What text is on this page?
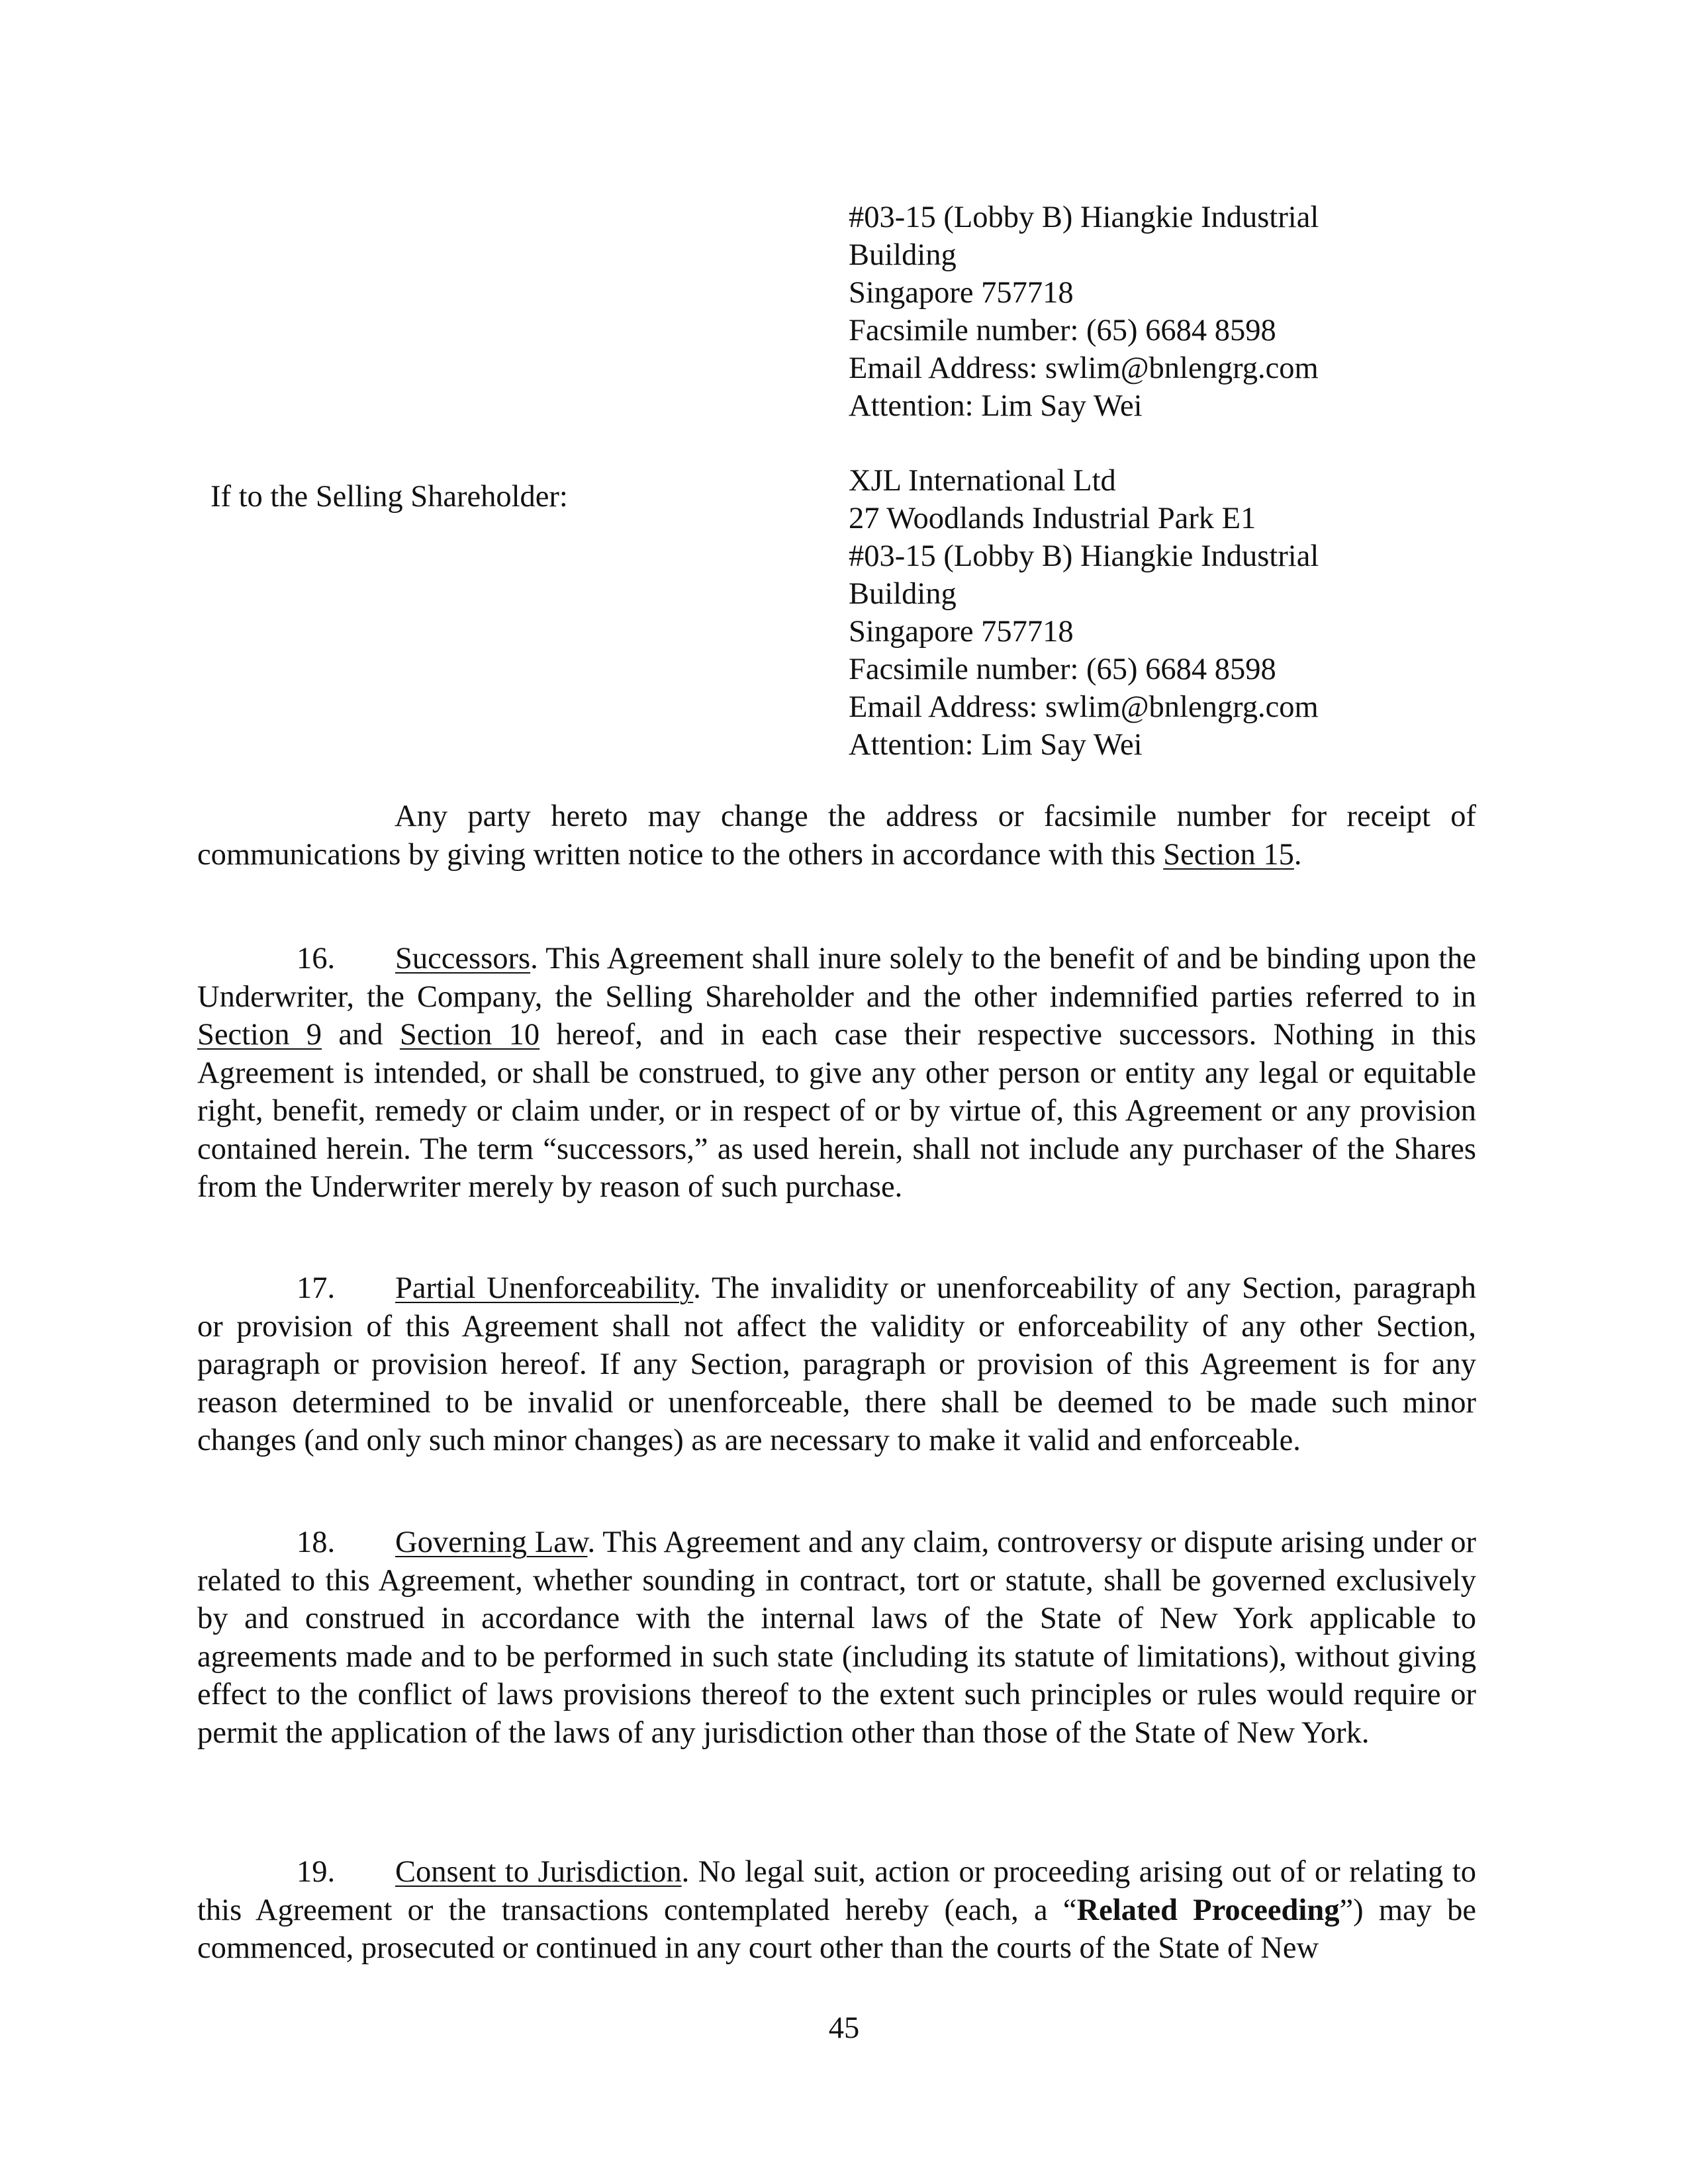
#03-15 (Lobby B) Hiangkie Industrial
Building
Singapore 757718
Facsimile number: (65) 6684 8598
Email Address: swlim@bnlengrg.com
Attention: Lim Say Wei
If to the Selling Shareholder:	XJL International Ltd
27 Woodlands Industrial Park E1
#03-15 (Lobby B) Hiangkie Industrial
Building
Singapore 757718
Facsimile number: (65) 6684 8598
Email Address: swlim@bnlengrg.com
Attention: Lim Say Wei

Any party hereto may change the address or facsimile number for receipt of communications by giving written notice to the others in accordance with this Section 15.

16. Successors. This Agreement shall inure solely to the benefit of and be binding upon the Underwriter, the Company, the Selling Shareholder and the other indemnified parties referred to in Section 9 and Section 10 hereof, and in each case their respective successors. Nothing in this Agreement is intended, or shall be construed, to give any other person or entity any legal or equitable right, benefit, remedy or claim under, or in respect of or by virtue of, this Agreement or any provision contained herein. The term “successors,” as used herein, shall not include any purchaser of the Shares from the Underwriter merely by reason of such purchase.

17. Partial Unenforceability. The invalidity or unenforceability of any Section, paragraph or provision of this Agreement shall not affect the validity or enforceability of any other Section, paragraph or provision hereof. If any Section, paragraph or provision of this Agreement is for any reason determined to be invalid or unenforceable, there shall be deemed to be made such minor changes (and only such minor changes) as are necessary to make it valid and enforceable.

18. Governing Law. This Agreement and any claim, controversy or dispute arising under or related to this Agreement, whether sounding in contract, tort or statute, shall be governed exclusively by and construed in accordance with the internal laws of the State of New York applicable to agreements made and to be performed in such state (including its statute of limitations), without giving effect to the conflict of laws provisions thereof to the extent such principles or rules would require or permit the application of the laws of any jurisdiction other than those of the State of New York.

19. Consent to Jurisdiction. No legal suit, action or proceeding arising out of or relating to this Agreement or the transactions contemplated hereby (each, a “Related Proceeding”) may be commenced, prosecuted or continued in any court other than the courts of the State of New

45
